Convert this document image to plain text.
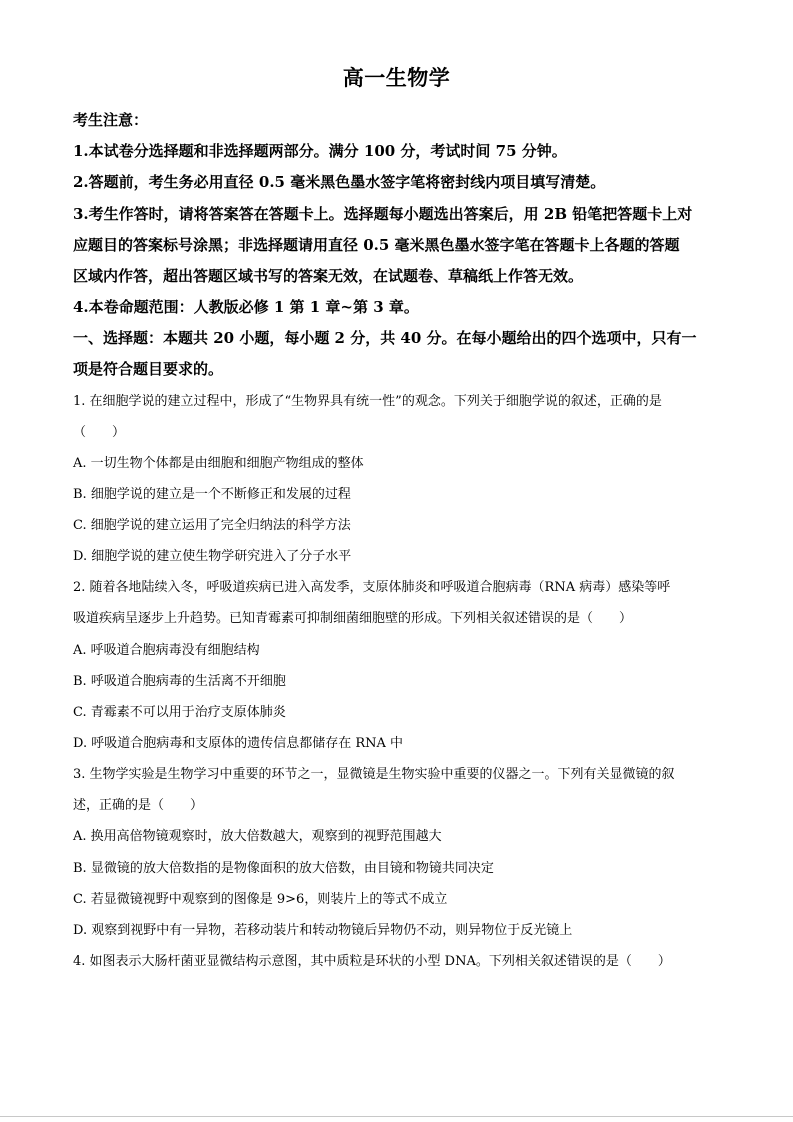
高一生物学
考生注意：
1.本试卷分选择题和非选择题两部分。满分 100 分，考试时间 75 分钟。
2.答题前，考生务必用直径 0.5 毫米黑色墨水签字笔将密封线内项目填写清楚。
3.考生作答时，请将答案答在答题卡上。选择题每小题选出答案后，用 2B 铅笔把答题卡上对
应题目的答案标号涂黑；非选择题请用直径 0.5 毫米黑色墨水签字笔在答题卡上各题的答题
区域内作答，超出答题区域书写的答案无效，在试题卷、草稿纸上作答无效。
4.本卷命题范围：人教版必修 1 第 1 章~第 3 章。
一、选择题：本题共 20 小题，每小题 2 分，共 40 分。在每小题给出的四个选项中，只有一
项是符合题目要求的。
1. 在细胞学说的建立过程中，形成了“生物界具有统一性”的观念。下列关于细胞学说的叙述，正确的是
（　　）
A. 一切生物个体都是由细胞和细胞产物组成的整体
B. 细胞学说的建立是一个不断修正和发展的过程
C. 细胞学说的建立运用了完全归纳法的科学方法
D. 细胞学说的建立使生物学研究进入了分子水平
2. 随着各地陆续入冬，呼吸道疾病已进入高发季，支原体肺炎和呼吸道合胞病毒（RNA 病毒）感染等呼
吸道疾病呈逐步上升趋势。已知青霉素可抑制细菌细胞壁的形成。下列相关叙述错误的是（　　）
A. 呼吸道合胞病毒没有细胞结构
B. 呼吸道合胞病毒的生活离不开细胞
C. 青霉素不可以用于治疗支原体肺炎
D. 呼吸道合胞病毒和支原体的遗传信息都储存在 RNA 中
3. 生物学实验是生物学习中重要的环节之一，显微镜是生物实验中重要的仪器之一。下列有关显微镜的叙
述，正确的是（　　）
A. 换用高倍物镜观察时，放大倍数越大，观察到的视野范围越大
B. 显微镜的放大倍数指的是物像面积的放大倍数，由目镜和物镜共同决定
C. 若显微镜视野中观察到的图像是 9>6，则装片上的等式不成立
D. 观察到视野中有一异物，若移动装片和转动物镜后异物仍不动，则异物位于反光镜上
4. 如图表示大肠杆菌亚显微结构示意图，其中质粒是环状的小型 DNA。下列相关叙述错误的是（　　）
